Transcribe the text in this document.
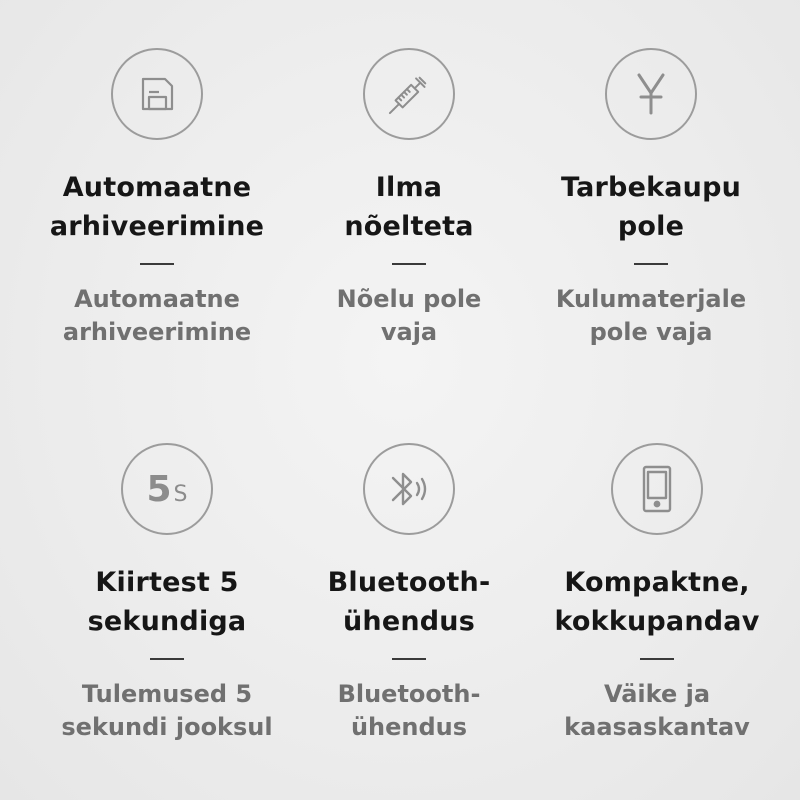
Automaatne
arhiveerimine
Automaatne
arhiveerimine
Ilma
nõelteta
Nõelu pole
vaja
Tarbekaupu
pole
Kulumaterjale
pole vaja
5 S
Kiirtest 5
sekundiga
Tulemused 5
sekundi jooksul
Bluetooth-
ühendus
Bluetooth-
ühendus
Kompaktne,
kokkupandav
Väike ja
kaasaskantav
